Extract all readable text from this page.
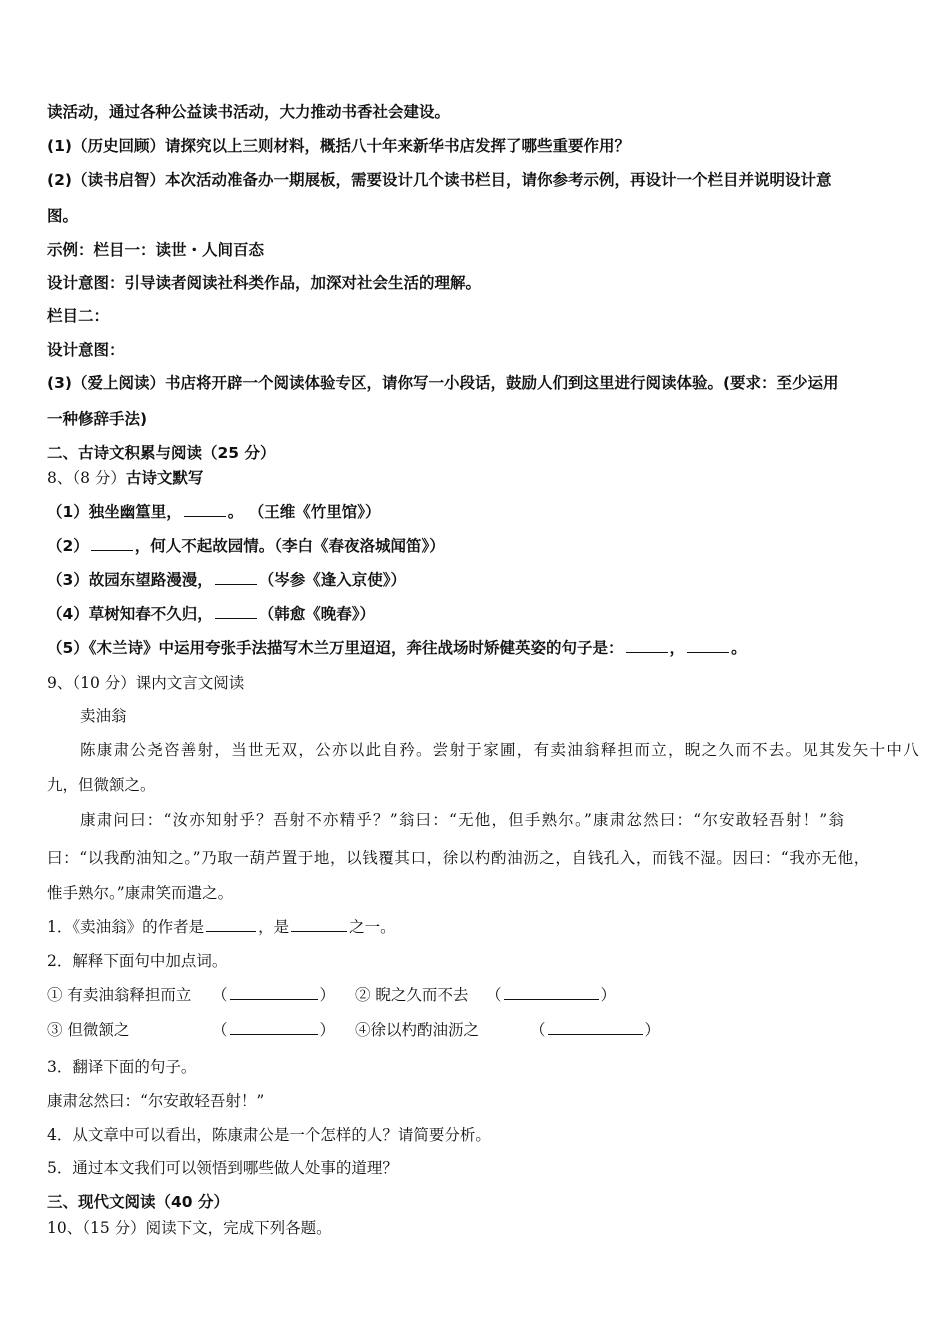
读活动，通过各种公益读书活动，大力推动书香社会建设。
(1)（历史回顾）请探究以上三则材料，概括八十年来新华书店发挥了哪些重要作用？
(2)（读书启智）本次活动准备办一期展板，需要设计几个读书栏目，请你参考示例，再设计一个栏目并说明设计意
图。
示例：栏目一：读世・人间百态
设计意图：引导读者阅读社科类作品，加深对社会生活的理解。
栏目二：
设计意图：
(3)（爱上阅读）书店将开辟一个阅读体验专区，请你写一小段话，鼓励人们到这里进行阅读体验。(要求：至少运用
一种修辞手法)
二、古诗文积累与阅读（25 分）
8、（8 分）古诗文默写
（1）独坐幽篁里，	。 （王维《竹里馆》）
（2）	，何人不起故园情。（李白《春夜洛城闻笛》）
（3）故园东望路漫漫，	（岑参《逢入京使》）
（4）草树知春不久归，	（韩愈《晚春》）
（5）《木兰诗》中运用夸张手法描写木兰万里迢迢，奔往战场时矫健英姿的句子是：	，	。
9、（10 分）课内文言文阅读
卖油翁
陈康肃公尧咨善射，当世无双，公亦以此自矜。尝射于家圃，有卖油翁释担而立，睨之久而不去。见其发矢十中八
九，但微颔之。
康肃问曰：“汝亦知射乎？吾射不亦精乎？”翁曰：“无他，但手熟尔。”康肃忿然曰：“尔安敢轻吾射！”翁
曰：“以我酌油知之。”乃取一葫芦置于地，以钱覆其口，徐以杓酌油沥之，自钱孔入，而钱不湿。因曰：“我亦无他，
惟手熟尔。”康肃笑而遣之。
1．《卖油翁》的作者是	，是	之一。
2．解释下面句中加点词。
① 有卖油翁释担而立 （	） ② 睨之久而不去 （	）
③ 但微颔之	（	） ④徐以杓酌油沥之	（	）
3．翻译下面的句子。
康肃忿然曰：“尔安敢轻吾射！”
4．从文章中可以看出，陈康肃公是一个怎样的人？请简要分析。
5．通过本文我们可以领悟到哪些做人处事的道理？
三、现代文阅读（40 分）
10、（15 分）阅读下文，完成下列各题。
